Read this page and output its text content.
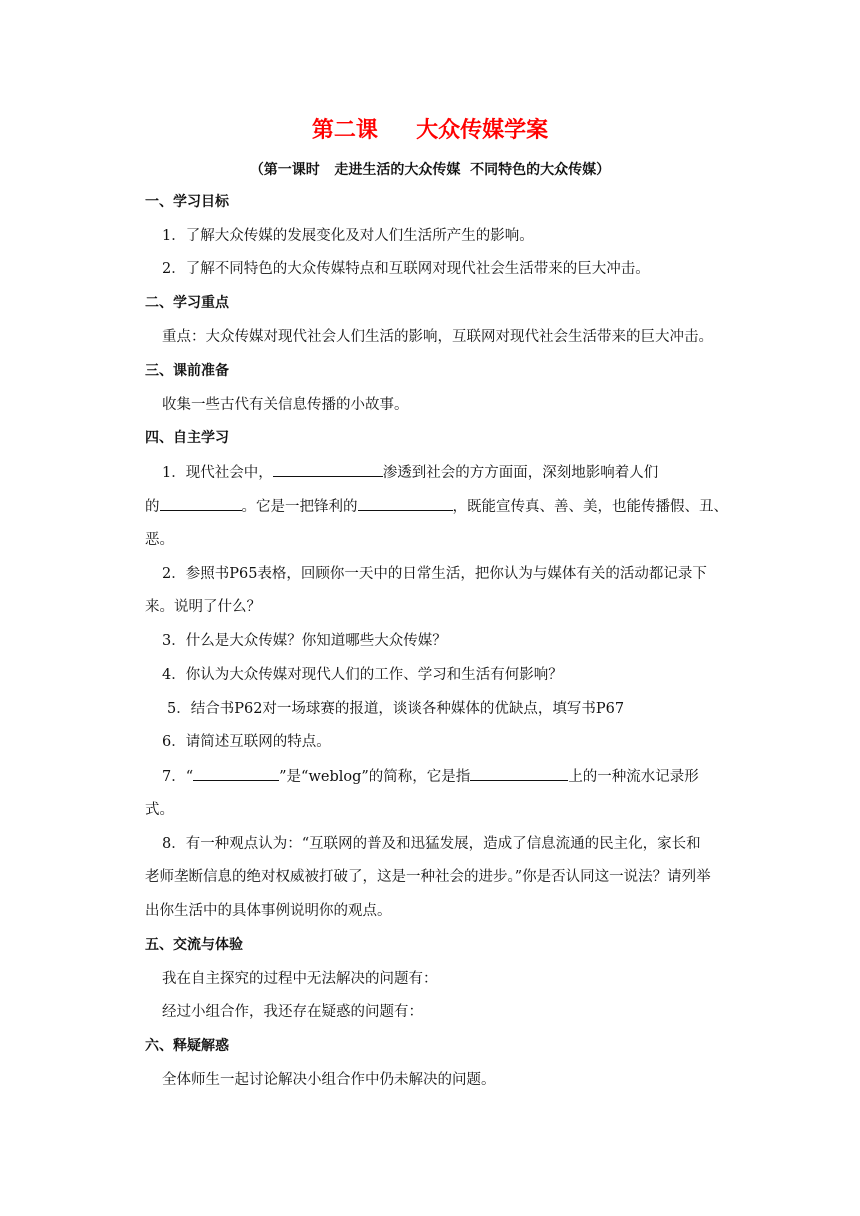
第二课     大众传媒学案
（第一课时   走进生活的大众传媒  不同特色的大众传媒）
一、学习目标
1．了解大众传媒的发展变化及对人们生活所产生的影响。
2．了解不同特色的大众传媒特点和互联网对现代社会生活带来的巨大冲击。
二、学习重点
重点：大众传媒对现代社会人们生活的影响，互联网对现代社会生活带来的巨大冲击。
三、课前准备
收集一些古代有关信息传播的小故事。
四、自主学习
1．现代社会中，	渗透到社会的方方面面，深刻地影响着人们
的	。它是一把锋利的	，既能宣传真、善、美，也能传播假、丑、
恶。
2．参照书P65表格，回顾你一天中的日常生活，把你认为与媒体有关的活动都记录下
来。说明了什么？
3．什么是大众传媒？你知道哪些大众传媒？
4．你认为大众传媒对现代人们的工作、学习和生活有何影响？
5．结合书P62对一场球赛的报道，谈谈各种媒体的优缺点，填写书P67
6．请简述互联网的特点。
7．“	”是“weblog”的简称，它是指	上的一种流水记录形
式。
8．有一种观点认为：“互联网的普及和迅猛发展，造成了信息流通的民主化，家长和
老师垄断信息的绝对权威被打破了，这是一种社会的进步。”你是否认同这一说法？请列举
出你生活中的具体事例说明你的观点。
五、交流与体验
我在自主探究的过程中无法解决的问题有：
经过小组合作，我还存在疑惑的问题有：
六、释疑解惑
全体师生一起讨论解决小组合作中仍未解决的问题。
